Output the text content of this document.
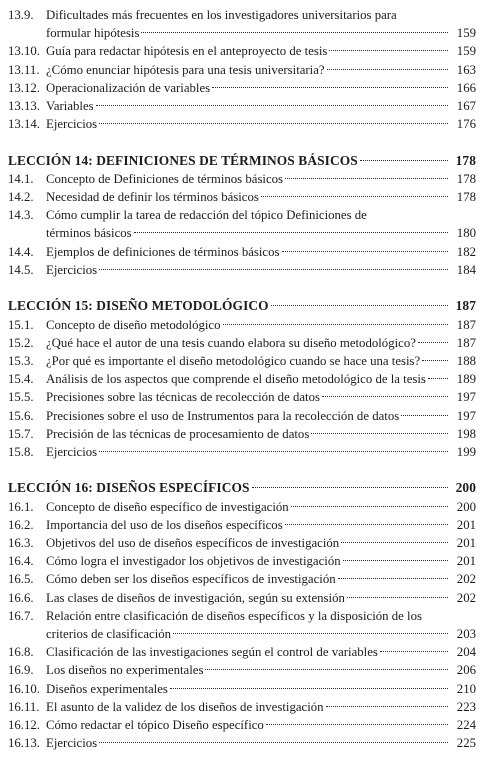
13.9. Dificultades más frecuentes en los investigadores universitarios para
formular hipótesis	159
13.10. Guía para redactar hipótesis en el anteproyecto de tesis	159
13.11. ¿Cómo enunciar hipótesis para una tesis universitaria?	163
13.12. Operacionalización de variables	166
13.13. Variables	167
13.14. Ejercicios	176
LECCIÓN 14: DEFINICIONES DE TÉRMINOS BÁSICOS	178
14.1. Concepto de Definiciones de términos básicos	178
14.2. Necesidad de definir los términos básicos	178
14.3. Cómo cumplir la tarea de redacción del tópico Definiciones de
términos básicos	180
14.4. Ejemplos de definiciones de términos básicos	182
14.5. Ejercicios	184
LECCIÓN 15: DISEÑO METODOLÓGICO	187
15.1. Concepto de diseño metodológico	187
15.2. ¿Qué hace el autor de una tesis cuando elabora su diseño metodológico?	187
15.3. ¿Por qué es importante el diseño metodológico cuando se hace una tesis?	188
15.4. Análisis de los aspectos que comprende el diseño metodológico de la tesis	189
15.5. Precisiones sobre las técnicas de recolección de datos	197
15.6. Precisiones sobre el uso de Instrumentos para la recolección de datos	197
15.7. Precisión de las técnicas de procesamiento de datos	198
15.8. Ejercicios	199
LECCIÓN 16: DISEÑOS ESPECÍFICOS	200
16.1. Concepto de diseño específico de investigación	200
16.2. Importancia del uso de los diseños específicos	201
16.3. Objetivos del uso de diseños específicos de investigación	201
16.4. Cómo logra el investigador los objetivos de investigación	201
16.5. Cómo deben ser los diseños específicos de investigación	202
16.6. Las clases de diseños de investigación, según su extensión	202
16.7. Relación entre clasificación de diseños específicos y la disposición de los
criterios de clasificación	203
16.8. Clasificación de las investigaciones según el control de variables	204
16.9. Los diseños no experimentales	206
16.10. Diseños experimentales	210
16.11. El asunto de la validez de los diseños de investigación	223
16.12. Cómo redactar el tópico Diseño específico	224
16.13. Ejercicios	225
